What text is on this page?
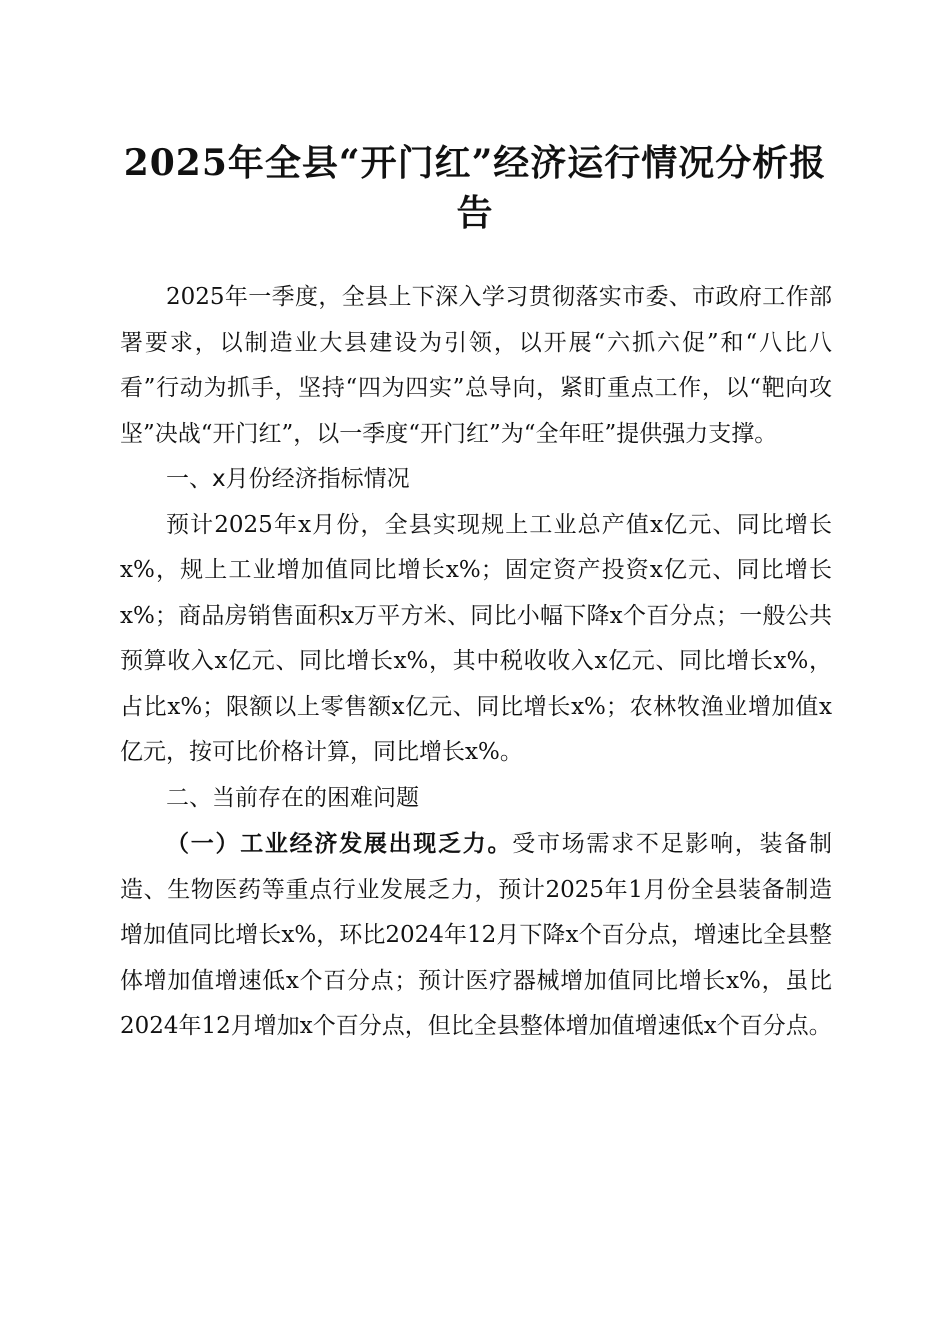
2025年全县“开门红”经济运行情况分析报告

2025年一季度，全县上下深入学习贯彻落实市委、市政府工作部署要求，以制造业大县建设为引领，以开展“六抓六促”和“八比八看”行动为抓手，坚持“四为四实”总导向，紧盯重点工作，以“靶向攻坚”决战“开门红”，以一季度“开门红”为“全年旺”提供强力支撑。

一、x月份经济指标情况

预计2025年x月份，全县实现规上工业总产值x亿元、同比增长x%，规上工业增加值同比增长x%；固定资产投资x亿元、同比增长x%；商品房销售面积x万平方米、同比小幅下降x个百分点；一般公共预算收入x亿元、同比增长x%，其中税收收入x亿元、同比增长x%，占比x%；限额以上零售额x亿元、同比增长x%；农林牧渔业增加值x亿元，按可比价格计算，同比增长x%。

二、当前存在的困难问题

（一）工业经济发展出现乏力。受市场需求不足影响，装备制造、生物医药等重点行业发展乏力，预计2025年1月份全县装备制造增加值同比增长x%，环比2024年12月下降x个百分点，增速比全县整体增加值增速低x个百分点；预计医疗器械增加值同比增长x%，虽比2024年12月增加x个百分点，但比全县整体增加值增速低x个百分点。
